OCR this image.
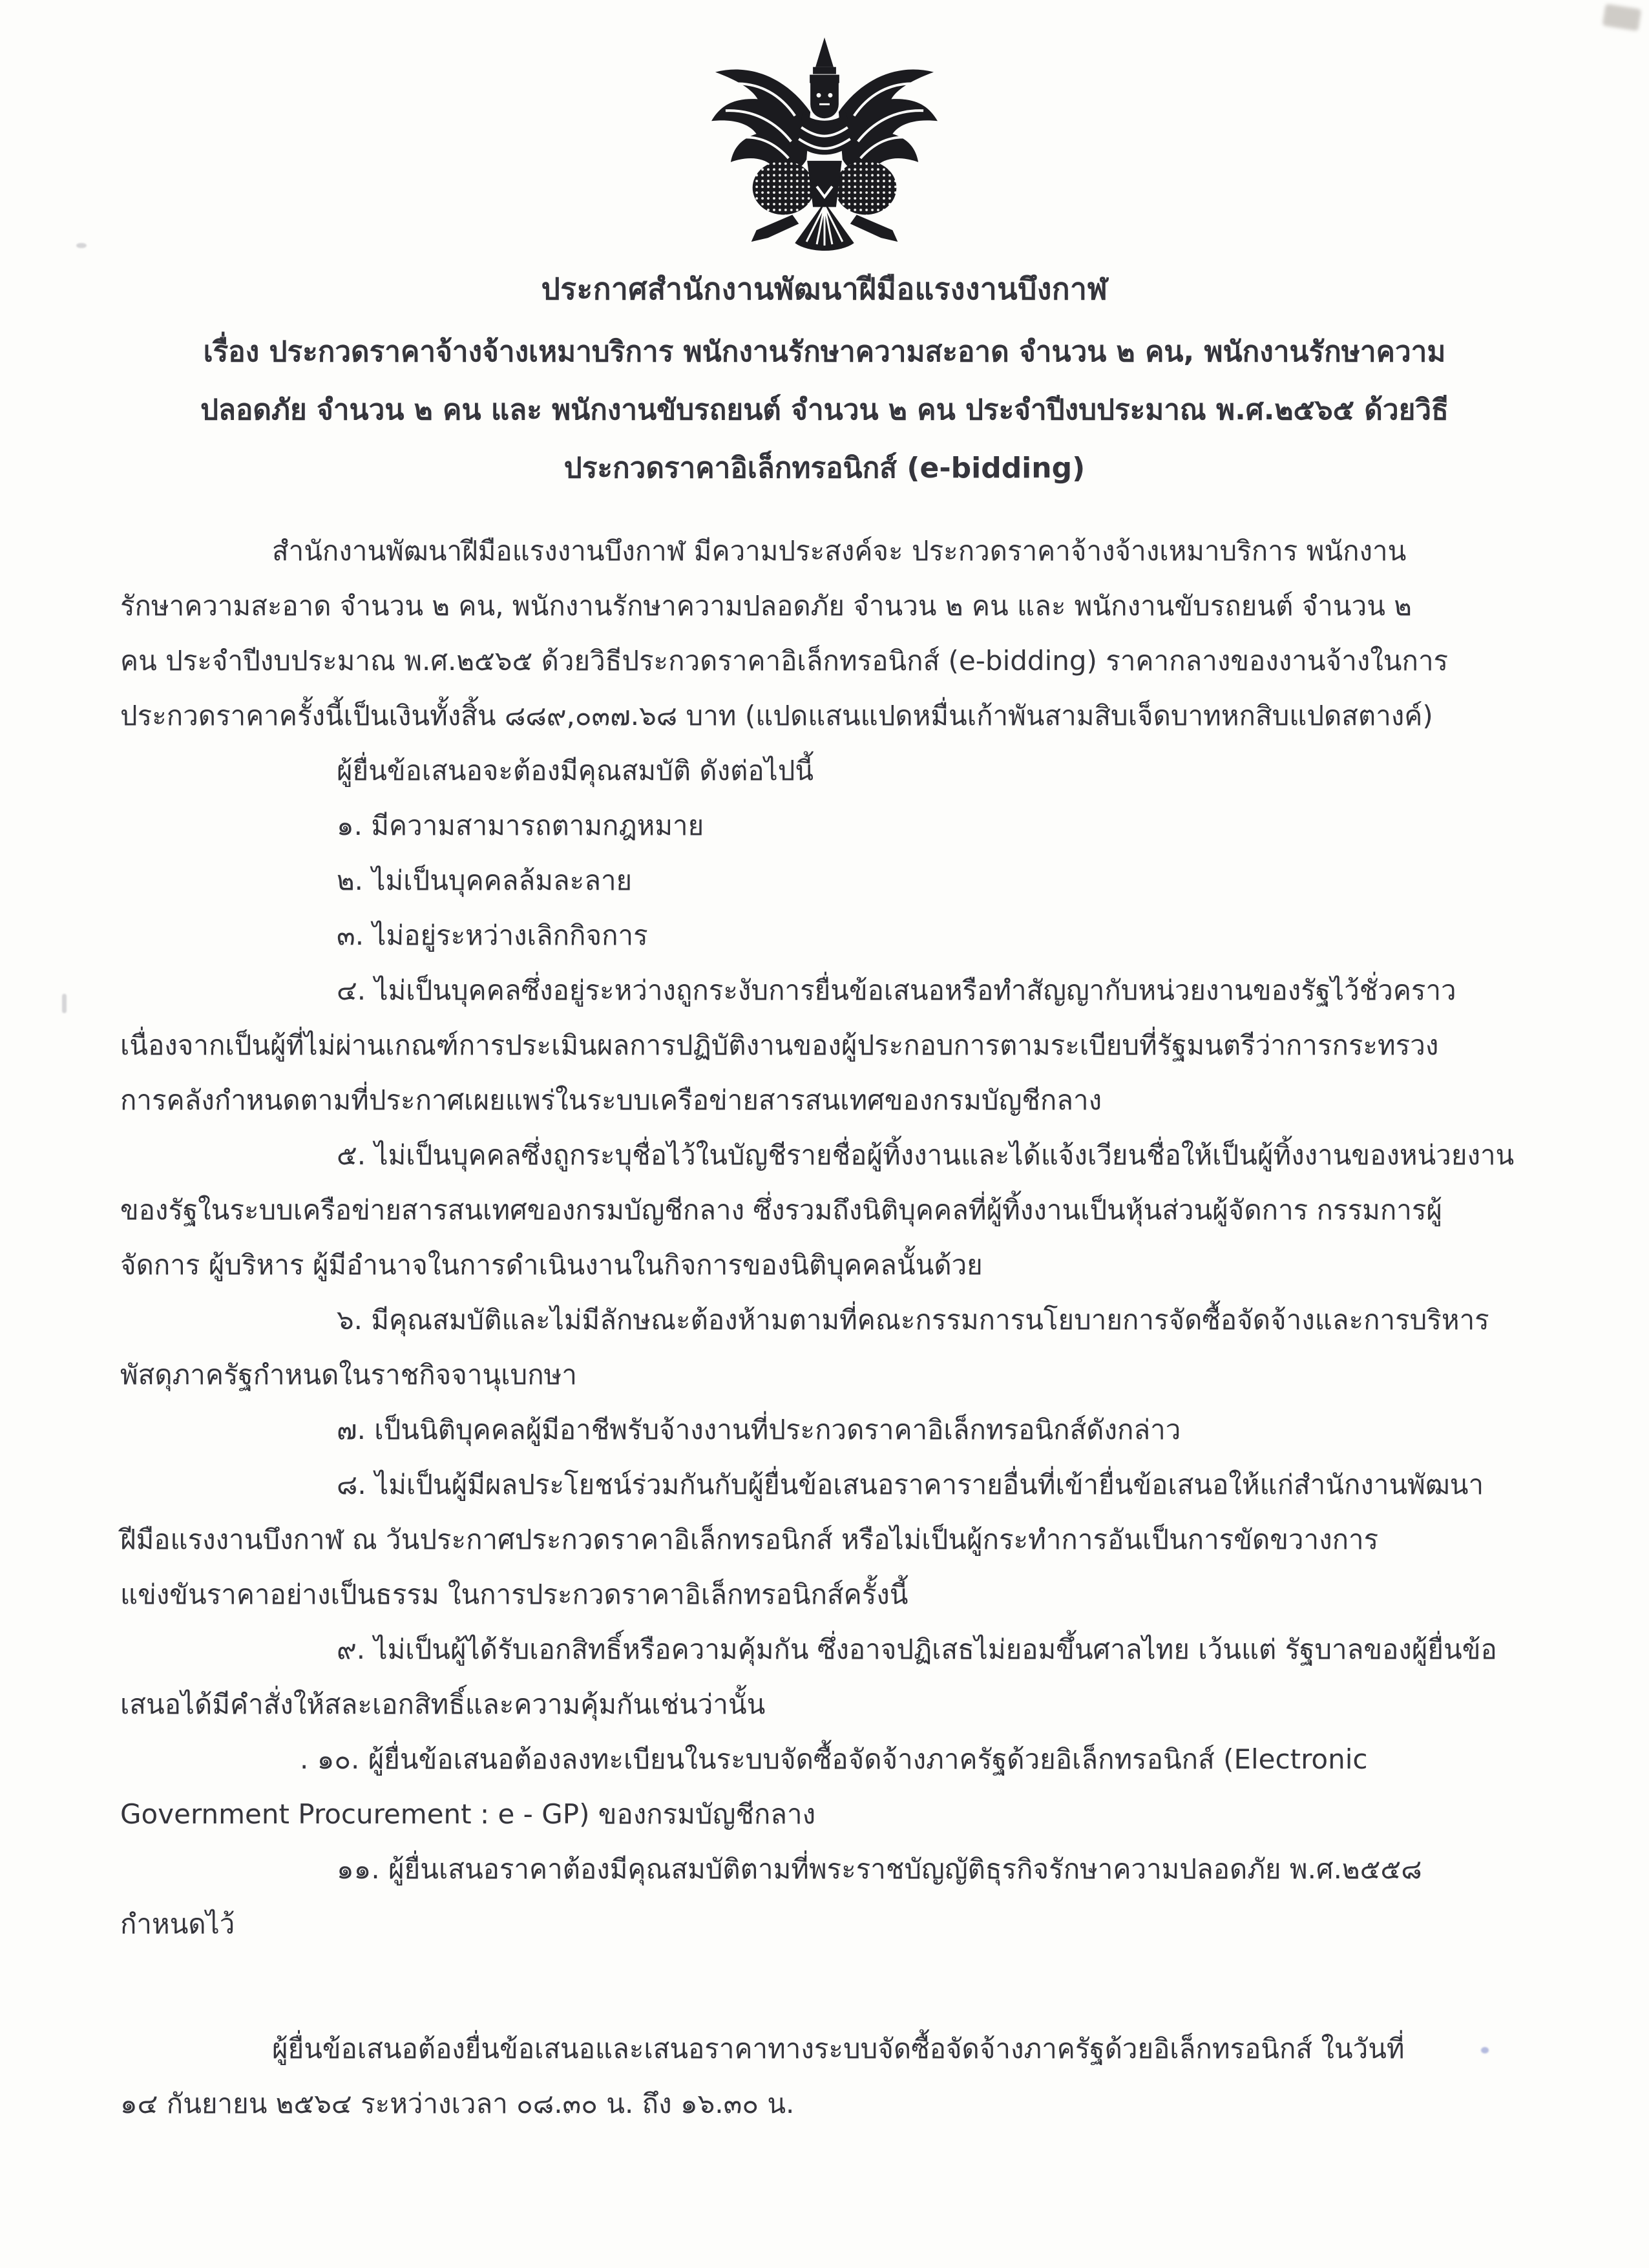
ประกาศสำนักงานพัฒนาฝีมือแรงงานบึงกาฬ
เรื่อง ประกวดราคาจ้างจ้างเหมาบริการ พนักงานรักษาความสะอาด จำนวน ๒ คน, พนักงานรักษาความ
ปลอดภัย จำนวน ๒ คน และ พนักงานขับรถยนต์ จำนวน ๒ คน ประจำปีงบประมาณ พ.ศ.๒๕๖๕ ด้วยวิธี
ประกวดราคาอิเล็กทรอนิกส์ (e-bidding)
สำนักงานพัฒนาฝีมือแรงงานบึงกาฬ มีความประสงค์จะ ประกวดราคาจ้างจ้างเหมาบริการ พนักงาน
รักษาความสะอาด จำนวน ๒ คน, พนักงานรักษาความปลอดภัย จำนวน ๒ คน และ พนักงานขับรถยนต์ จำนวน ๒
คน ประจำปีงบประมาณ พ.ศ.๒๕๖๕ ด้วยวิธีประกวดราคาอิเล็กทรอนิกส์ (e-bidding) ราคากลางของงานจ้างในการ
ประกวดราคาครั้งนี้เป็นเงินทั้งสิ้น ๘๘๙,๐๓๗.๖๘ บาท (แปดแสนแปดหมื่นเก้าพันสามสิบเจ็ดบาทหกสิบแปดสตางค์)
ผู้ยื่นข้อเสนอจะต้องมีคุณสมบัติ ดังต่อไปนี้
๑. มีความสามารถตามกฎหมาย
๒. ไม่เป็นบุคคลล้มละลาย
๓. ไม่อยู่ระหว่างเลิกกิจการ
๔. ไม่เป็นบุคคลซึ่งอยู่ระหว่างถูกระงับการยื่นข้อเสนอหรือทำสัญญากับหน่วยงานของรัฐไว้ชั่วคราว
เนื่องจากเป็นผู้ที่ไม่ผ่านเกณฑ์การประเมินผลการปฏิบัติงานของผู้ประกอบการตามระเบียบที่รัฐมนตรีว่าการกระทรวง
การคลังกำหนดตามที่ประกาศเผยแพร่ในระบบเครือข่ายสารสนเทศของกรมบัญชีกลาง
๕. ไม่เป็นบุคคลซึ่งถูกระบุชื่อไว้ในบัญชีรายชื่อผู้ทิ้งงานและได้แจ้งเวียนชื่อให้เป็นผู้ทิ้งงานของหน่วยงาน
ของรัฐในระบบเครือข่ายสารสนเทศของกรมบัญชีกลาง ซึ่งรวมถึงนิติบุคคลที่ผู้ทิ้งงานเป็นหุ้นส่วนผู้จัดการ กรรมการผู้
จัดการ ผู้บริหาร ผู้มีอำนาจในการดำเนินงานในกิจการของนิติบุคคลนั้นด้วย
๖. มีคุณสมบัติและไม่มีลักษณะต้องห้ามตามที่คณะกรรมการนโยบายการจัดซื้อจัดจ้างและการบริหาร
พัสดุภาครัฐกำหนดในราชกิจจานุเบกษา
๗. เป็นนิติบุคคลผู้มีอาชีพรับจ้างงานที่ประกวดราคาอิเล็กทรอนิกส์ดังกล่าว
๘. ไม่เป็นผู้มีผลประโยชน์ร่วมกันกับผู้ยื่นข้อเสนอราคารายอื่นที่เข้ายื่นข้อเสนอให้แก่สำนักงานพัฒนา
ฝีมือแรงงานบึงกาฬ ณ วันประกาศประกวดราคาอิเล็กทรอนิกส์ หรือไม่เป็นผู้กระทำการอันเป็นการขัดขวางการ
แข่งขันราคาอย่างเป็นธรรม ในการประกวดราคาอิเล็กทรอนิกส์ครั้งนี้
๙. ไม่เป็นผู้ได้รับเอกสิทธิ์หรือความคุ้มกัน ซึ่งอาจปฏิเสธไม่ยอมขึ้นศาลไทย เว้นแต่ รัฐบาลของผู้ยื่นข้อ
เสนอได้มีคำสั่งให้สละเอกสิทธิ์และความคุ้มกันเช่นว่านั้น
. ๑๐. ผู้ยื่นข้อเสนอต้องลงทะเบียนในระบบจัดซื้อจัดจ้างภาครัฐด้วยอิเล็กทรอนิกส์ (Electronic
Government Procurement : e - GP) ของกรมบัญชีกลาง
๑๑. ผู้ยื่นเสนอราคาต้องมีคุณสมบัติตามที่พระราชบัญญัติธุรกิจรักษาความปลอดภัย พ.ศ.๒๕๕๘
กำหนดไว้
ผู้ยื่นข้อเสนอต้องยื่นข้อเสนอและเสนอราคาทางระบบจัดซื้อจัดจ้างภาครัฐด้วยอิเล็กทรอนิกส์ ในวันที่
๑๔ กันยายน ๒๕๖๔ ระหว่างเวลา ๐๘.๓๐ น. ถึง ๑๖.๓๐ น.
